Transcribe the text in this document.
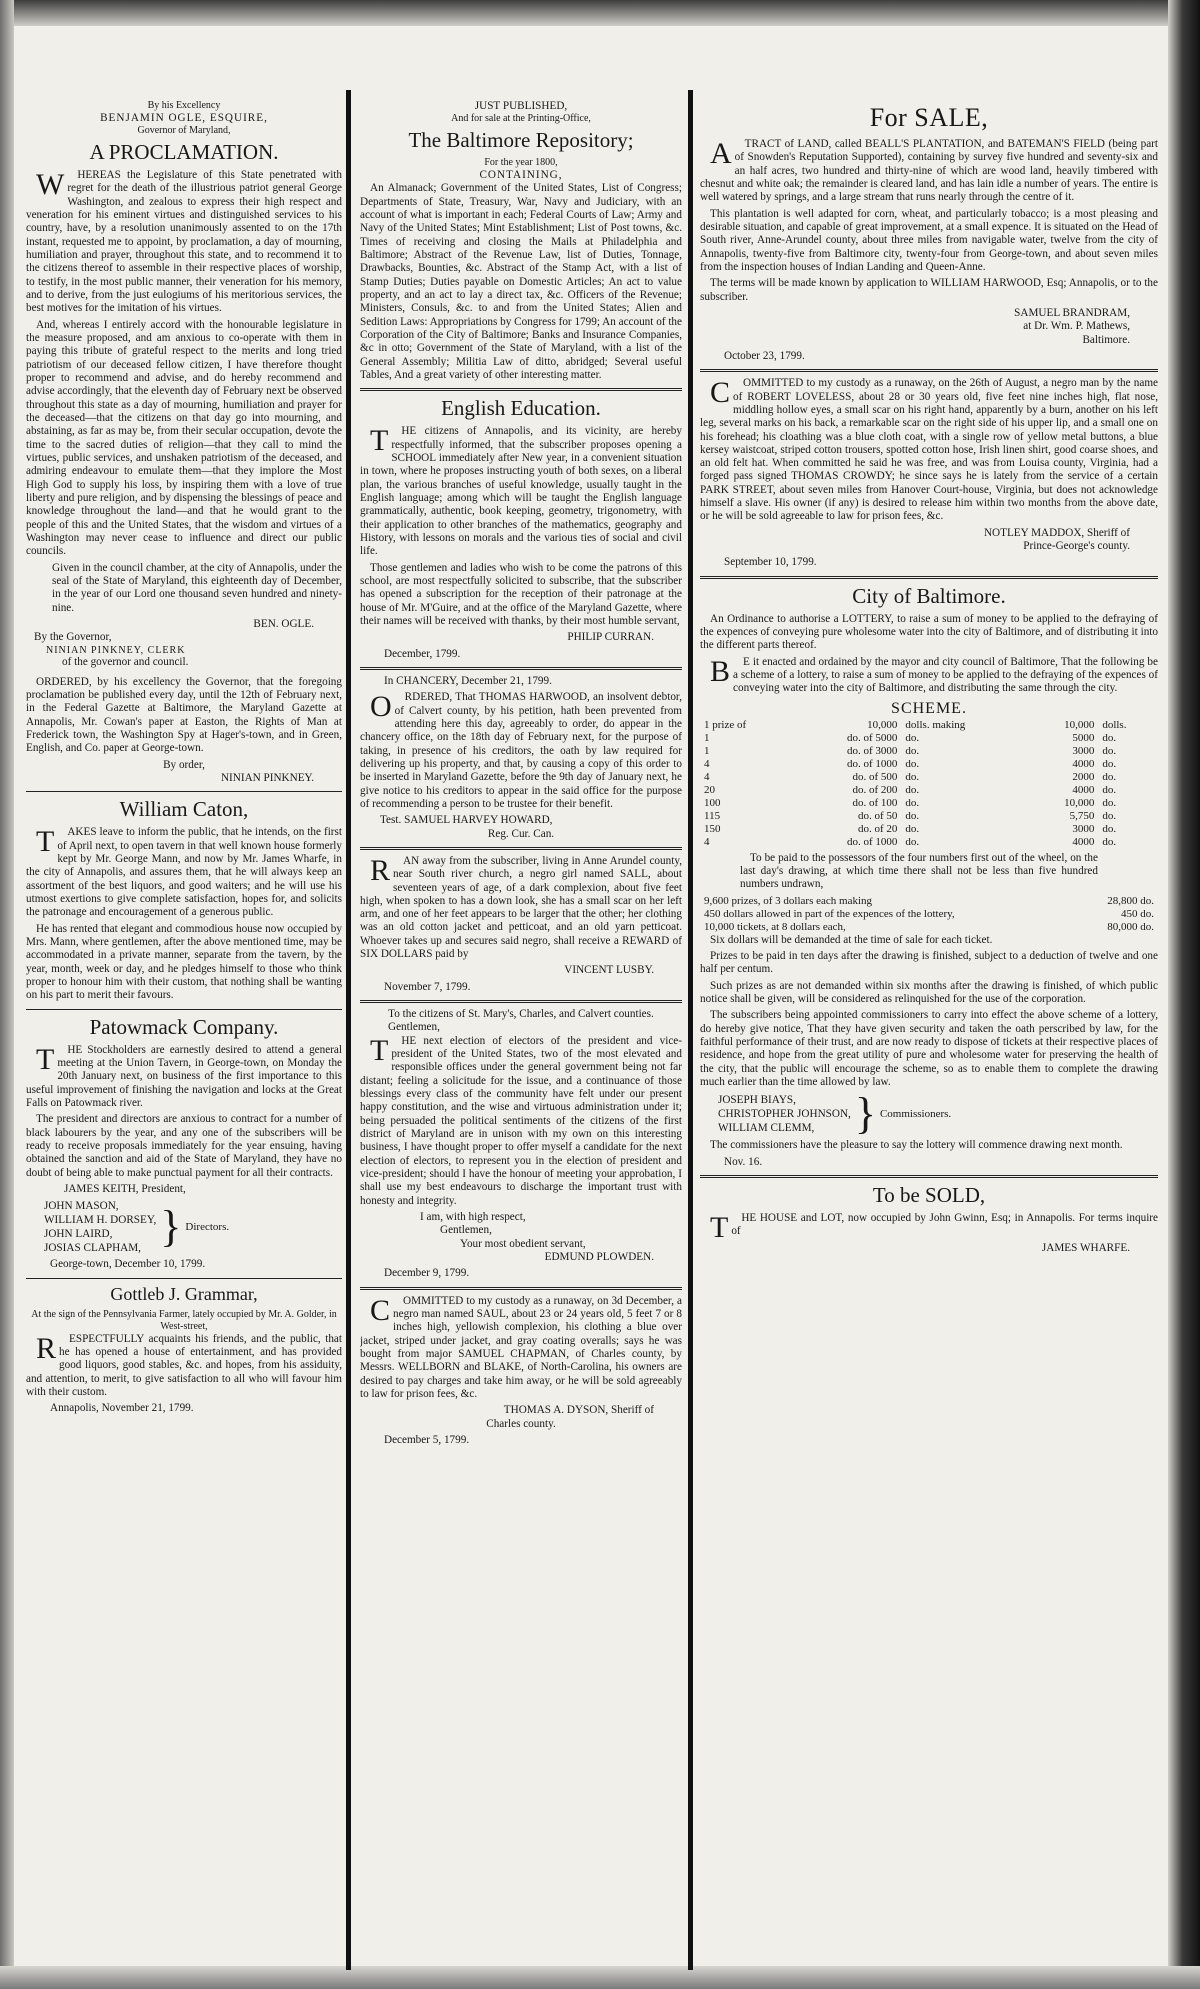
By his Excellency
BENJAMIN OGLE, ESQUIRE,
Governor of Maryland,
A PROCLAMATION.

WHEREAS the Legislature of this State penetrated with regret for the death of the illustrious patriot general George Washington, and zealous to express their high respect and veneration for his eminent virtues and distinguished services to his country, have, by a resolution unanimously assented to on the 17th instant, requested me to appoint, by proclamation, a day of mourning, humiliation and prayer, throughout this state, and to recommend it to the citizens thereof to assemble in their respective places of worship, to testify, in the most public manner, their veneration for his memory, and to derive, from the just eulogiums of his meritorious services, the best motives for the imitation of his virtues.

And, whereas I entirely accord with the honourable legislature in the measure proposed, and am anxious to co-operate with them in paying this tribute of grateful respect to the merits and long tried patriotism of our deceased fellow citizen, I have therefore thought proper to recommend and advise, and do hereby recommend and advise accordingly, that the eleventh day of February next be observed throughout this state as a day of mourning, humiliation and prayer for the deceased—that the citizens on that day go into mourning, and abstaining, as far as may be, from their secular occupation, devote the time to the sacred duties of religion—that they call to mind the virtues, public services, and unshaken patriotism of the deceased, and admiring endeavour to emulate them—that they implore the Most High God to supply his loss, by inspiring them with a love of true liberty and pure religion, and by dispensing the blessings of peace and knowledge throughout the land—and that he would grant to the people of this and the United States, that the wisdom and virtues of a Washington may never cease to influence and direct our public councils.

Given in the council chamber, at the city of Annapolis, under the seal of the State of Maryland, this eighteenth day of December, in the year of our Lord one thousand seven hundred and ninety-nine.

BEN. OGLE.
By the Governor,
NINIAN PINKNEY, CLERK
of the governor and council.

ORDERED, by his excellency the Governor, that the foregoing proclamation be published every day, until the 12th of February next, in the Federal Gazette at Baltimore, the Maryland Gazette at Annapolis, Mr. Cowan's paper at Easton, the Rights of Man at Frederick town, the Washington Spy at Hager's-town, and in Green, English, and Co. paper at George-town.

By order,
NINIAN PINKNEY.
William Caton,

TAKES leave to inform the public, that he intends, on the first of April next, to open tavern in that well known house formerly kept by Mr. George Mann, and now by Mr. James Wharfe, in the city of Annapolis, and assures them, that he will always keep an assortment of the best liquors, and good waiters; and he will use his utmost exertions to give complete satisfaction, hopes for, and solicits the patronage and encouragement of a generous public.

He has rented that elegant and commodious house now occupied by Mrs. Mann, where gentlemen, after the above mentioned time, may be accommodated in a private manner, separate from the tavern, by the year, month, week or day, and he pledges himself to those who think proper to honour him with their custom, that nothing shall be wanting on his part to merit their favours.

Patowmack Company.

THE Stockholders are earnestly desired to attend a general meeting at the Union Tavern, in George-town, on Monday the 20th January next, on business of the first importance to this useful improvement of finishing the navigation and locks at the Great Falls on Patowmack river.

The president and directors are anxious to contract for a number of black labourers by the year, and any one of the subscribers will be ready to receive proposals immediately for the year ensuing, having obtained the sanction and aid of the State of Maryland, they have no doubt of being able to make punctual payment for all their contracts.

JAMES KEITH, President,
JOHN MASON,
WILLIAM H. DORSEY,
JOHN LAIRD,
JOSIAS CLAPHAM, } Directors.
George-town, December 10, 1799.
Gottleb J. Grammar,
At the sign of the Pennsylvania Farmer, lately occupied by Mr. A. Golder, in West-street,

RESPECTFULLY acquaints his friends, and the public, that he has opened a house of entertainment, and has provided good liquors, good stables, &c. and hopes, from his assiduity, and attention, to merit, to give satisfaction to all who will favour him with their custom.

Annapolis, November 21, 1799.
JUST PUBLISHED,
And for sale at the Printing-Office,
The Baltimore Repository;
For the year 1800,
CONTAINING,

An Almanack; Government of the United States, List of Congress; Departments of State, Treasury, War, Navy and Judiciary, with an account of what is important in each; Federal Courts of Law; Army and Navy of the United States; Mint Establishment; List of Post towns, &c. Times of receiving and closing the Mails at Philadelphia and Baltimore; Abstract of the Revenue Law, list of Duties, Tonnage, Drawbacks, Bounties, &c. Abstract of the Stamp Act, with a list of Stamp Duties; Duties payable on Domestic Articles; An act to value property, and an act to lay a direct tax, &c. Officers of the Revenue; Ministers, Consuls, &c. to and from the United States; Alien and Sedition Laws: Appropriations by Congress for 1799; An account of the Corporation of the City of Baltimore; Banks and Insurance Companies, &c in otto; Government of the State of Maryland, with a list of the General Assembly; Militia Law of ditto, abridged; Several useful Tables, And a great variety of other interesting matter.

English Education.

THE citizens of Annapolis, and its vicinity, are hereby respectfully informed, that the subscriber proposes opening a SCHOOL immediately after New year, in a convenient situation in town, where he proposes instructing youth of both sexes, on a liberal plan, the various branches of useful knowledge, usually taught in the English language; among which will be taught the English language grammatically, authentic, book keeping, geometry, trigonometry, with their application to other branches of the mathematics, geography and History, with lessons on morals and the various ties of social and civil life.

Those gentlemen and ladies who wish to be come the patrons of this school, are most respectfully solicited to subscribe, that the subscriber has opened a subscription for the reception of their patronage at the house of Mr. M'Guire, and at the office of the Maryland Gazette, where their names will be received with thanks, by their most humble servant,

PHILIP CURRAN.
December, 1799.
In CHANCERY, December 21, 1799.

ORDERED, That THOMAS HARWOOD, an insolvent debtor, of Calvert county, by his petition, hath been prevented from attending here this day, agreeably to order, do appear in the chancery office, on the 18th day of February next, for the purpose of taking, in presence of his creditors, the oath by law required for delivering up his property, and that, by causing a copy of this order to be inserted in Maryland Gazette, before the 9th day of January next, he give notice to his creditors to appear in the said office for the purpose of recommending a person to be trustee for their benefit.

Test. SAMUEL HARVEY HOWARD,
Reg. Cur. Can.

RAN away from the subscriber, living in Anne Arundel county, near South river church, a negro girl named SALL, about seventeen years of age, of a dark complexion, about five feet high, when spoken to has a down look, she has a small scar on her left arm, and one of her feet appears to be larger that the other; her clothing was an old cotton jacket and petticoat, and an old yarn petticoat. Whoever takes up and secures said negro, shall receive a REWARD of SIX DOLLARS paid by

VINCENT LUSBY.
November 7, 1799.
To the citizens of St. Mary's, Charles, and Calvert counties.
Gentlemen,

THE next election of electors of the president and vice-president of the United States, two of the most elevated and responsible offices under the general government being not far distant; feeling a solicitude for the issue, and a continuance of those blessings every class of the community have felt under our present happy constitution, and the wise and virtuous administration under it; being persuaded the political sentiments of the citizens of the first district of Maryland are in unison with my own on this interesting business, I have thought proper to offer myself a candidate for the next election of electors, to represent you in the election of president and vice-president; should I have the honour of meeting your approbation, I shall use my best endeavours to discharge the important trust with honesty and integrity.

I am, with high respect,
Gentlemen,
Your most obedient servant,
EDMUND PLOWDEN.
December 9, 1799.

COMMITTED to my custody as a runaway, on 3d December, a negro man named SAUL, about 23 or 24 years old, 5 feet 7 or 8 inches high, yellowish complexion, his clothing a blue over jacket, striped under jacket, and gray coating overalls; says he was bought from major SAMUEL CHAPMAN, of Charles county, by Messrs. WELLBORN and BLAKE, of North-Carolina, his owners are desired to pay charges and take him away, or he will be sold agreeably to law for prison fees, &c.

THOMAS A. DYSON, Sheriff of
Charles county.
December 5, 1799.
For SALE,

ATRACT of LAND, called BEALL'S PLANTATION, and BATEMAN'S FIELD (being part of Snowden's Reputation Supported), containing by survey five hundred and seventy-six and an half acres, two hundred and thirty-nine of which are wood land, heavily timbered with chesnut and white oak; the remainder is cleared land, and has lain idle a number of years. The entire is well watered by springs, and a large stream that runs nearly through the centre of it.

This plantation is well adapted for corn, wheat, and particularly tobacco; is a most pleasing and desirable situation, and capable of great improvement, at a small expence. It is situated on the Head of South river, Anne-Arundel county, about three miles from navigable water, twelve from the city of Annapolis, twenty-five from Baltimore city, twenty-four from George-town, and about seven miles from the inspection houses of Indian Landing and Queen-Anne.

The terms will be made known by application to WILLIAM HARWOOD, Esq; Annapolis, or to the subscriber.

SAMUEL BRANDRAM,
at Dr. Wm. P. Mathews,
Baltimore.
October 23, 1799.

COMMITTED to my custody as a runaway, on the 26th of August, a negro man by the name of ROBERT LOVELESS, about 28 or 30 years old, five feet nine inches high, flat nose, middling hollow eyes, a small scar on his right hand, apparently by a burn, another on his left leg, several marks on his back, a remarkable scar on the right side of his upper lip, and a small one on his forehead; his cloathing was a blue cloth coat, with a single row of yellow metal buttons, a blue kersey waistcoat, striped cotton trousers, spotted cotton hose, Irish linen shirt, good coarse shoes, and an old felt hat. When committed he said he was free, and was from Louisa county, Virginia, had a forged pass signed THOMAS CROWDY; he since says he is lately from the service of a certain PARK STREET, about seven miles from Hanover Court-house, Virginia, but does not acknowledge himself a slave. His owner (if any) is desired to release him within two months from the above date, or he will be sold agreeable to law for prison fees, &c.

NOTLEY MADDOX, Sheriff of
Prince-George's county.
September 10, 1799.
City of Baltimore.

An Ordinance to authorise a LOTTERY, to raise a sum of money to be applied to the defraying of the expences of conveying pure wholesome water into the city of Baltimore, and of distributing it into the different parts thereof.

BE it enacted and ordained by the mayor and city council of Baltimore, That the following be a scheme of a lottery, to raise a sum of money to be applied to the defraying of the expences of conveying water into the city of Baltimore, and distributing the same through the city.

SCHEME.
1 prize of	10,000	dolls. making	10,000	dolls.
1	do. of 5000	do.	5000	do.
1	do. of 3000	do.	3000	do.
4	do. of 1000	do.	4000	do.
4	do. of 500	do.	2000	do.
20	do. of 200	do.	4000	do.
100	do. of 100	do.	10,000	do.
115	do. of 50	do.	5,750	do.
150	do. of 20	do.	3000	do.
4	do. of 1000	do.	4000	do.

To be paid to the possessors of the four numbers first out of the wheel, on the last day's drawing, at which time there shall not be less than five hundred numbers undrawn,

9,600 prizes, of 3 dollars each making	28,800 do.
450 dollars allowed in part of the expences of the lottery,	450 do.
10,000 tickets, at 8 dollars each,	80,000 do.

Six dollars will be demanded at the time of sale for each ticket.

Prizes to be paid in ten days after the drawing is finished, subject to a deduction of twelve and one half per centum.

Such prizes as are not demanded within six months after the drawing is finished, of which public notice shall be given, will be considered as relinquished for the use of the corporation.

The subscribers being appointed commissioners to carry into effect the above scheme of a lottery, do hereby give notice, That they have given security and taken the oath perscribed by law, for the faithful performance of their trust, and are now ready to dispose of tickets at their respective places of residence, and hope from the great utility of pure and wholesome water for preserving the health of the city, that the public will encourage the scheme, so as to enable them to complete the drawing much earlier than the time allowed by law.

JOSEPH BIAYS,
CHRISTOPHER JOHNSON,
WILLIAM CLEMM, } Commissioners.

The commissioners have the pleasure to say the lottery will commence drawing next month.

Nov. 16.
To be SOLD,

THE HOUSE and LOT, now occupied by John Gwinn, Esq; in Annapolis. For terms inquire of

JAMES WHARFE.
